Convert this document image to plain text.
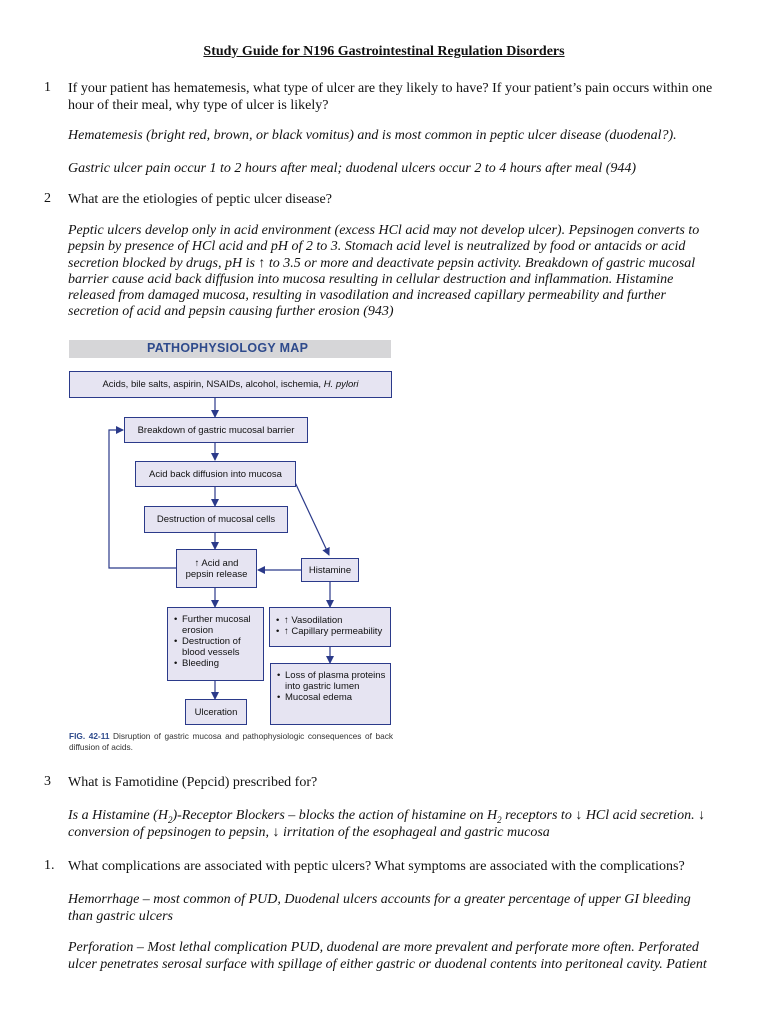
Study Guide for N196 Gastrointestinal Regulation Disorders
1 If your patient has hematemesis, what type of ulcer are they likely to have? If your patient’s pain occurs within one hour of their meal, why type of ulcer is likely?
Hematemesis (bright red, brown, or black vomitus) and is most common in peptic ulcer disease (duodenal?).
Gastric ulcer pain occur 1 to 2 hours after meal; duodenal ulcers occur 2 to 4 hours after meal (944)
2 What are the etiologies of peptic ulcer disease?
Peptic ulcers develop only in acid environment (excess HCl acid may not develop ulcer). Pepsinogen converts to pepsin by presence of HCl acid and pH of 2 to 3. Stomach acid level is neutralized by food or antacids or acid secretion blocked by drugs, pH is ↑ to 3.5 or more and deactivate pepsin activity. Breakdown of gastric mucosal barrier cause acid back diffusion into mucosa resulting in cellular destruction and inflammation. Histamine released from damaged mucosa, resulting in vasodilation and increased capillary permeability and further secretion of acid and pepsin causing further erosion (943)
PATHOPHYSIOLOGY MAP
Acids, bile salts, aspirin, NSAIDs, alcohol, ischemia, H. pylori
Breakdown of gastric mucosal barrier
Acid back diffusion into mucosa
Destruction of mucosal cells
↑ Acid and
pepsin release	Histamine
• Further mucosal erosion
• Destruction of blood vessels
• Bleeding
• ↑ Vasodilation
• ↑ Capillary permeability
• Loss of plasma proteins into gastric lumen
• Mucosal edema
Ulceration
FIG. 42-11 Disruption of gastric mucosa and pathophysiologic consequences of back diffusion of acids.
3 What is Famotidine (Pepcid) prescribed for?
Is a Histamine $(H_2)$-Receptor Blockers – blocks the action of histamine on $H_2$ receptors to ↓ HCl acid secretion. ↓ conversion of pepsinogen to pepsin, ↓ irritation of the esophageal and gastric mucosa
1. What complications are associated with peptic ulcers? What symptoms are associated with the complications?
Hemorrhage – most common of PUD, Duodenal ulcers accounts for a greater percentage of upper GI bleeding than gastric ulcers
Perforation – Most lethal complication PUD, duodenal are more prevalent and perforate more often. Perforated ulcer penetrates serosal surface with spillage of either gastric or duodenal contents into peritoneal cavity. Patient
